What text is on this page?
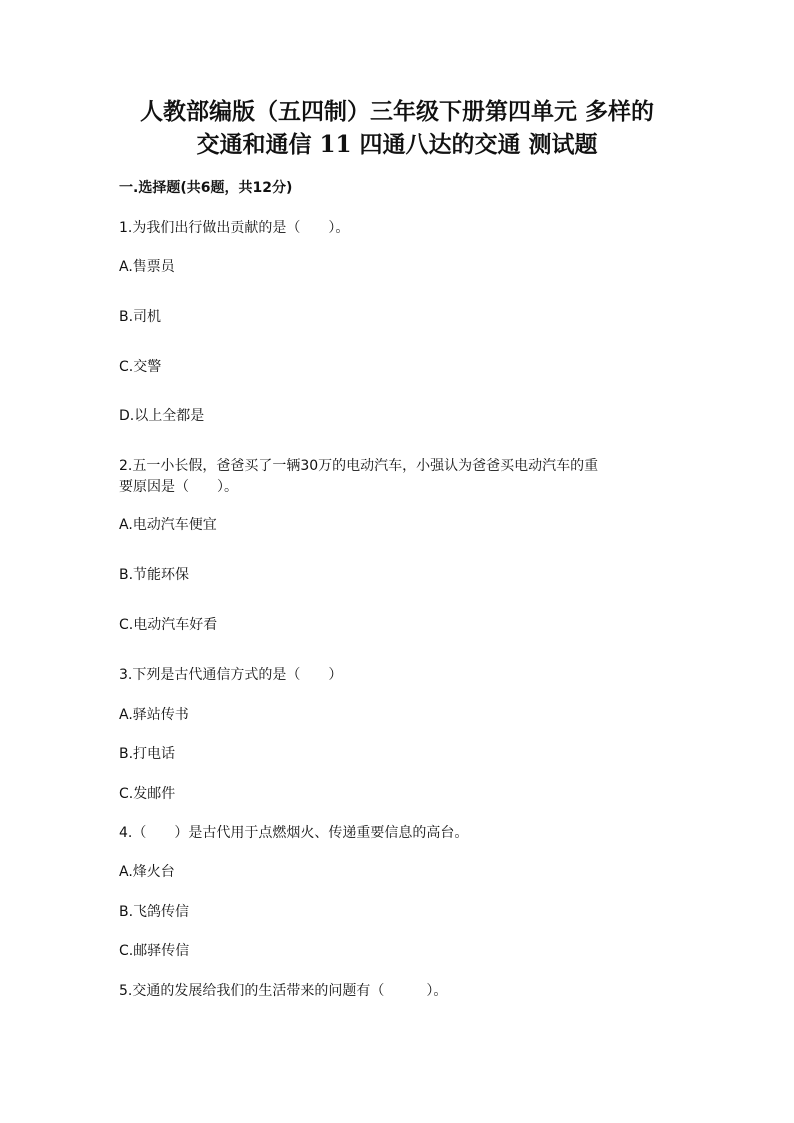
人教部编版（五四制）三年级下册第四单元 多样的
交通和通信 11 四通八达的交通 测试题
一.选择题(共6题，共12分)
1.为我们出行做出贡献的是（　　）。
A.售票员
B.司机
C.交警
D.以上全都是
2.五一小长假，爸爸买了一辆30万的电动汽车，小强认为爸爸买电动汽车的重
要原因是（　　）。
A.电动汽车便宜
B.节能环保
C.电动汽车好看
3.下列是古代通信方式的是（　　）
A.驿站传书
B.打电话
C.发邮件
4.（　　）是古代用于点燃烟火、传递重要信息的高台。
A.烽火台
B.飞鸽传信
C.邮驿传信
5.交通的发展给我们的生活带来的问题有（　　　）。
